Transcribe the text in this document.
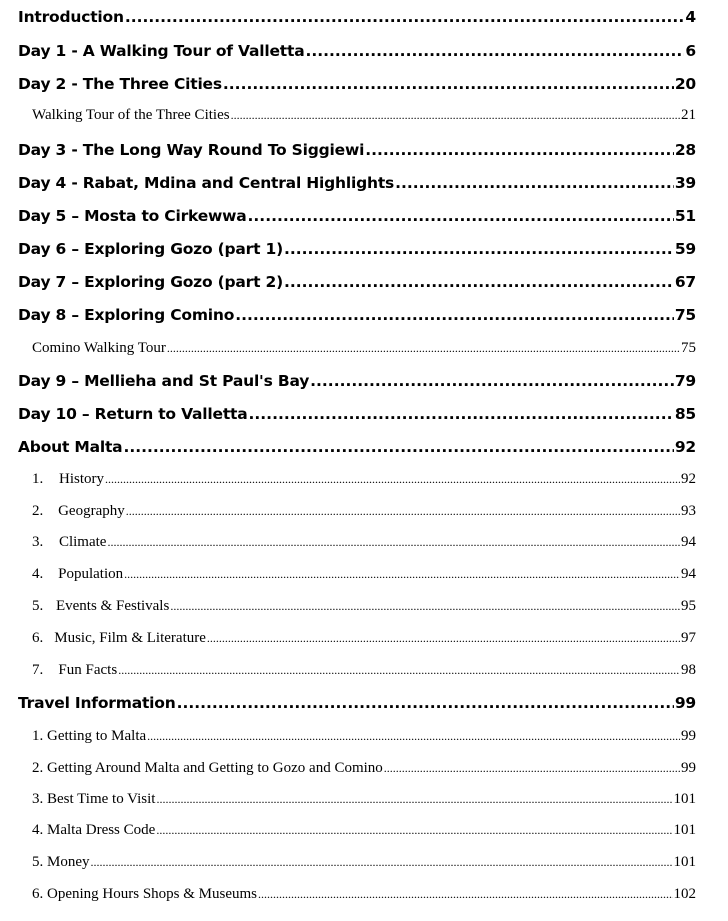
Introduction .....	4
Day 1 - A Walking Tour of Valletta .....	6
Day 2 - The Three Cities .....	20
Walking Tour of the Three Cities .....	21
Day 3 - The Long Way Round To Siggiewi .....	28
Day 4 - Rabat, Mdina and Central Highlights .....	39
Day 5 – Mosta to Cirkewwa .....	51
Day 6 – Exploring Gozo (part 1) .....	59
Day 7 – Exploring Gozo (part 2) .....	67
Day 8 – Exploring Comino .....	75
Comino Walking Tour .....	75
Day 9 – Mellieha and St Paul's Bay .....	79
Day 10 – Return to Valletta .....	85
About Malta .....	92
1.	History .....	92
2. Geography .....	93
3.	Climate .....	94
4. Population .....	94
5. Events & Festivals .....	95
6. Music, Film & Literature .....	97
7.	Fun Facts .....	98
Travel Information .....	99
1. Getting to Malta .....	99
2. Getting Around Malta and Getting to Gozo and Comino .....	99
3. Best Time to Visit .....	101
4. Malta Dress Code .....	101
5. Money .....	101
6. Opening Hours Shops & Museums .....	102
